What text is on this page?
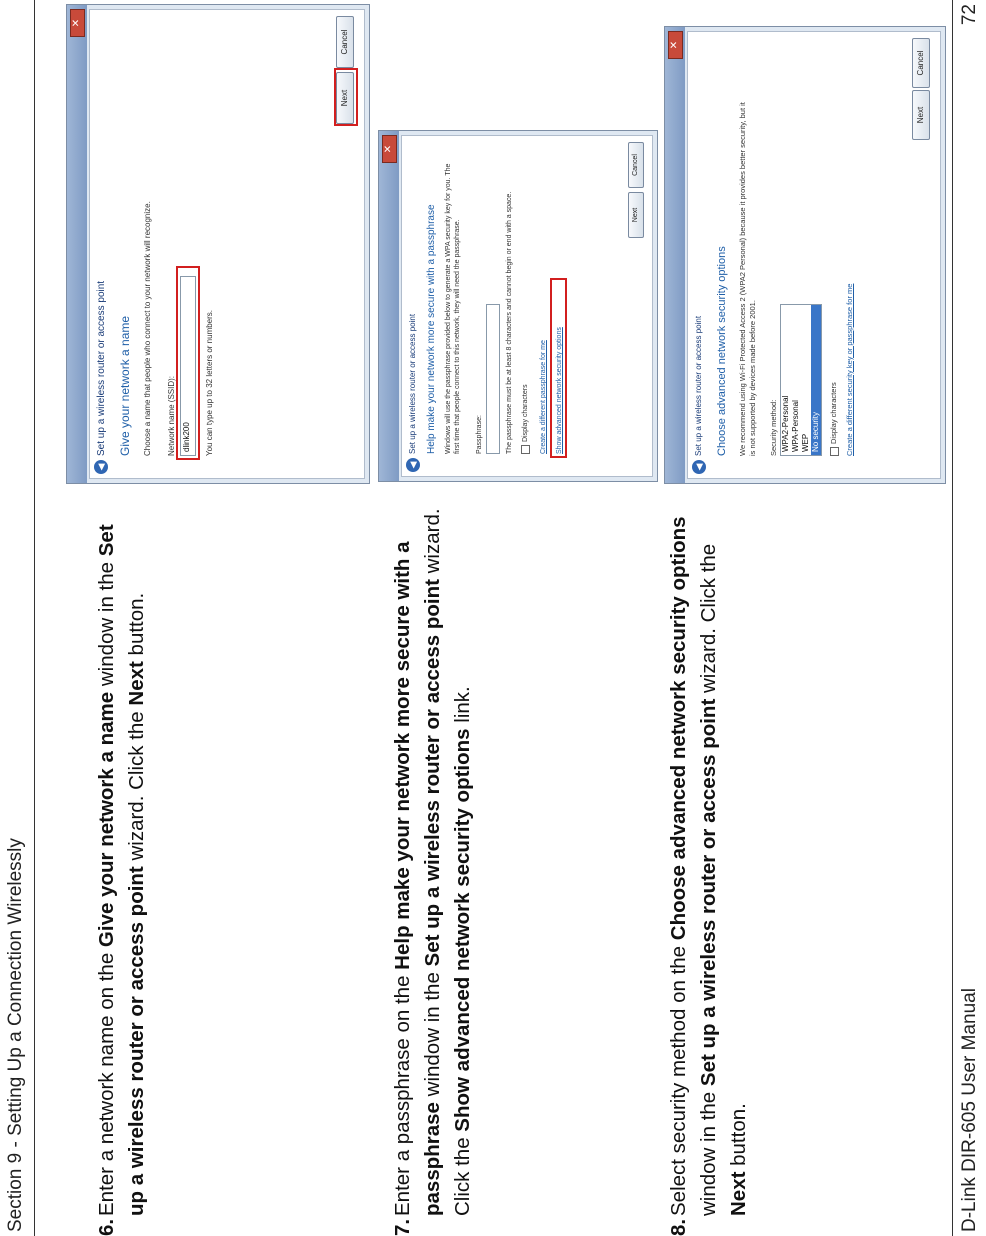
Section 9 - Setting Up a Connection Wirelessly	6.
Enter a network name on the Give your network a name window in the Set up a wireless router or access point wizard. Click the Next button.
7.
Enter a passphrase on the Help make your network more secure with a passphrase window in the Set up a wireless router or access point wizard. Click the Show advanced network security options link.
8.
Select security method on the Choose advanced network security options window in the Set up a wireless router or access point wizard. Click the Next button.
✕
◀
Set up a wireless router or access point Give your network a name Choose a name that people who connect to your network will recognize. Network name (SSID): dlink200	You can type up to 32 letters or numbers.
Next
Cancel
✕
◀
Set up a wireless router or access point Help make your network more secure with a passphrase Windows will use the passphrase provided below to generate a WPA security key for you. The first time that people connect to this network, they will need the passphrase. Passphrase: f00dz.hkrzayrn	The passphrase must be at least 8 characters and cannot begin or end with a space. Display characters Create a different passphrase for me Show advanced network security options
Next
Cancel
✕
◀
Set up a wireless router or access point Choose advanced network security options We recommend using Wi-Fi Protected Access 2 (WPA2 Personal) because it provides better security, but it is not supported by devices made before 2001. Security method: WPA2-Personal WPA-Personal WEP No security Display characters Create a different security key or passphrase for me
Next
Cancel
D-Link DIR-605 User Manual
72
